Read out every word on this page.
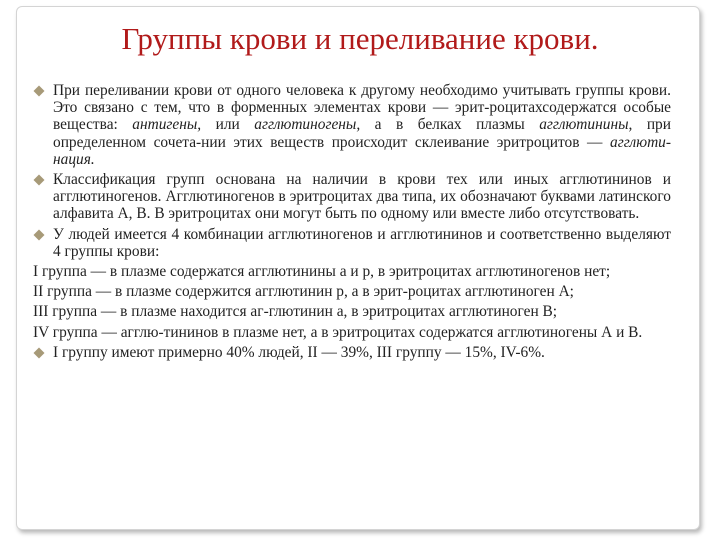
Группы крови и переливание крови.

При переливании крови от одного человека к другому необходимо учитывать группы крови. Это связано с тем, что в форменных элементах крови — эрит-роцитахсодержатся особые вещества: антигены, или агглютиногены, а в белках плазмы агглютинины, при определенном сочета-нии этих веществ происходит склеивание эритроцитов — агглюти-нация.

Классификация групп основана на наличии в крови тех или иных агглютининов и агглютиногенов. Агглютиногенов в эритроцитах два типа, их обозначают буквами латинского алфавита А, В. В эритроцитах они могут быть по одному или вместе либо отсутствовать.

У людей имеется 4 комбинации агглютиногенов и агглютининов и соответственно выделяют 4 группы крови:

I группа — в плазме содержатся агглютинины а и р, в эритроцитах агглютиногенов нет;

II группа — в плазме содержится агглютинин р, а в эрит-роцитах агглютиноген А;

III группа — в плазме находится аг-глютинин а, в эритроцитах агглютиноген В;

IV группа — агглю-тининов в плазме нет, а в эритроцитах содержатся агглютиногены А и В.

I группу имеют примерно 40% людей, II — 39%, III группу — 15%, IV-6%.
